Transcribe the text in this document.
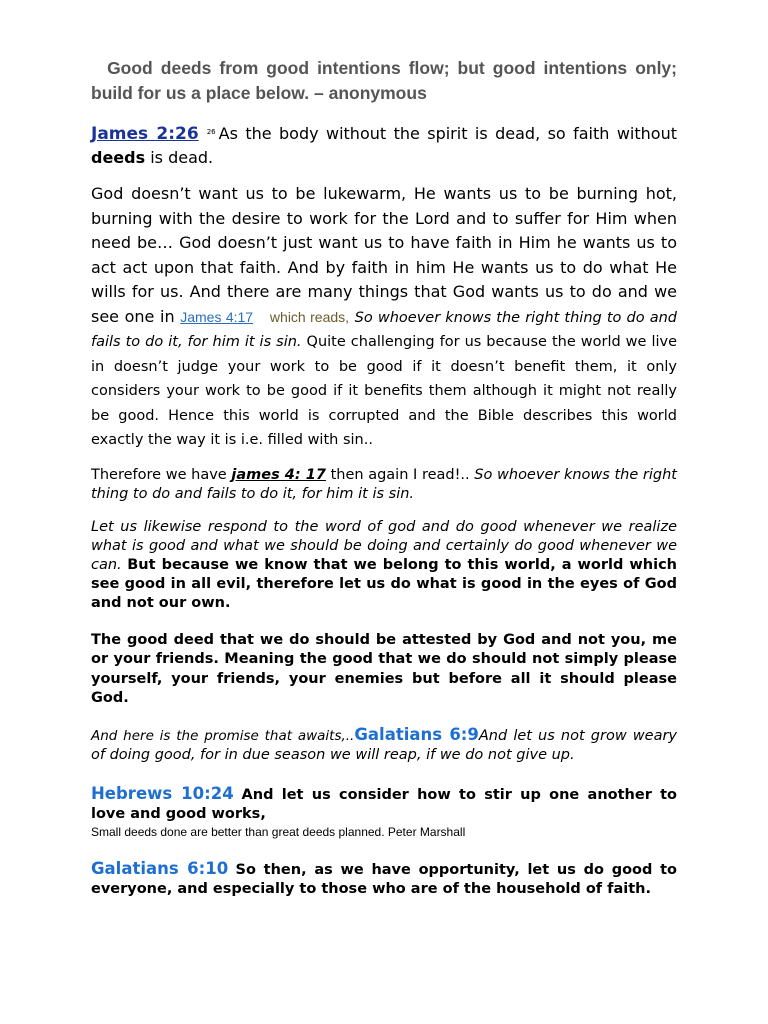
Good deeds from good intentions flow; but good intentions only; build for us a place below. – anonymous

James 2:26 $^{26}$ As the body without the spirit is dead, so faith without deeds is dead.

God doesn’t want us to be lukewarm, He wants us to be burning hot, burning with the desire to work for the Lord and to suffer for Him when need be… God doesn’t just want us to have faith in Him he wants us to act act upon that faith. And by faith in him He wants us to do what He wills for us. And there are many things that God wants us to do and we see one in James 4:17 which reads, So whoever knows the right thing to do and fails to do it, for him it is sin. Quite challenging for us because the world we live in doesn’t judge your work to be good if it doesn’t benefit them, it only considers your work to be good if it benefits them although it might not really be good. Hence this world is corrupted and the Bible describes this world exactly the way it is i.e. filled with sin..

Therefore we have james 4: 17 then again I read!.. So whoever knows the right thing to do and fails to do it, for him it is sin.

Let us likewise respond to the word of god and do good whenever we realize what is good and what we should be doing and certainly do good whenever we can. But because we know that we belong to this world, a world which see good in all evil, therefore let us do what is good in the eyes of God and not our own.

The good deed that we do should be attested by God and not you, me or your friends. Meaning the good that we do should not simply please yourself, your friends, your enemies but before all it should please God.

And here is the promise that awaits,..Galatians 6:9And let us not grow weary of doing good, for in due season we will reap, if we do not give up.

Hebrews 10:24 And let us consider how to stir up one another to love and good works,

Small deeds done are better than great deeds planned. Peter Marshall

Galatians 6:10 So then, as we have opportunity, let us do good to everyone, and especially to those who are of the household of faith.
